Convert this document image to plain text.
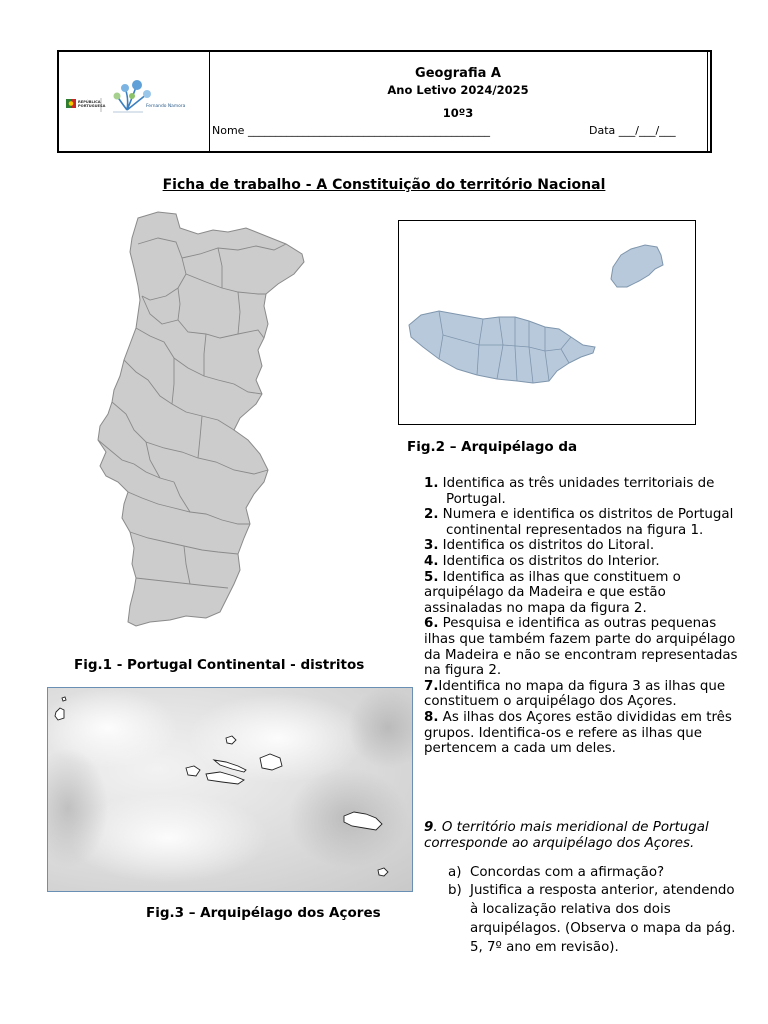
REPÚBLICA PORTUGUESA	Fernando Namora
Geografia A
Ano Letivo 2024/2025
10º3
Nome ____________________________________________	Data ___/___/___
Ficha de trabalho - A Constituição do território Nacional
Fig.1 - Portugal Continental - distritos
Fig.2 – Arquipélago da
1. Identifica as três unidades territoriais de Portugal.
2. Numera e identifica os distritos de Portugal continental representados na figura 1.
3. Identifica os distritos do Litoral.
4. Identifica os distritos do Interior.
5. Identifica as ilhas que constituem o arquipélago da Madeira e que estão assinaladas no mapa da figura 2.
6. Pesquisa e identifica as outras pequenas ilhas que também fazem parte do arquipélago da Madeira e não se encontram representadas na figura 2.
7.Identifica no mapa da figura 3 as ilhas que constituem o arquipélago dos Açores.
8. As ilhas dos Açores estão divididas em três grupos. Identifica-os e refere as ilhas que pertencem a cada um deles.
Fig.3 – Arquipélago dos Açores
9. O território mais meridional de Portugal corresponde ao arquipélago dos Açores.
a) Concordas com a afirmação?
b) Justifica a resposta anterior, atendendo à localização relativa dos dois arquipélagos. (Observa o mapa da pág. 5, 7º ano em revisão).
